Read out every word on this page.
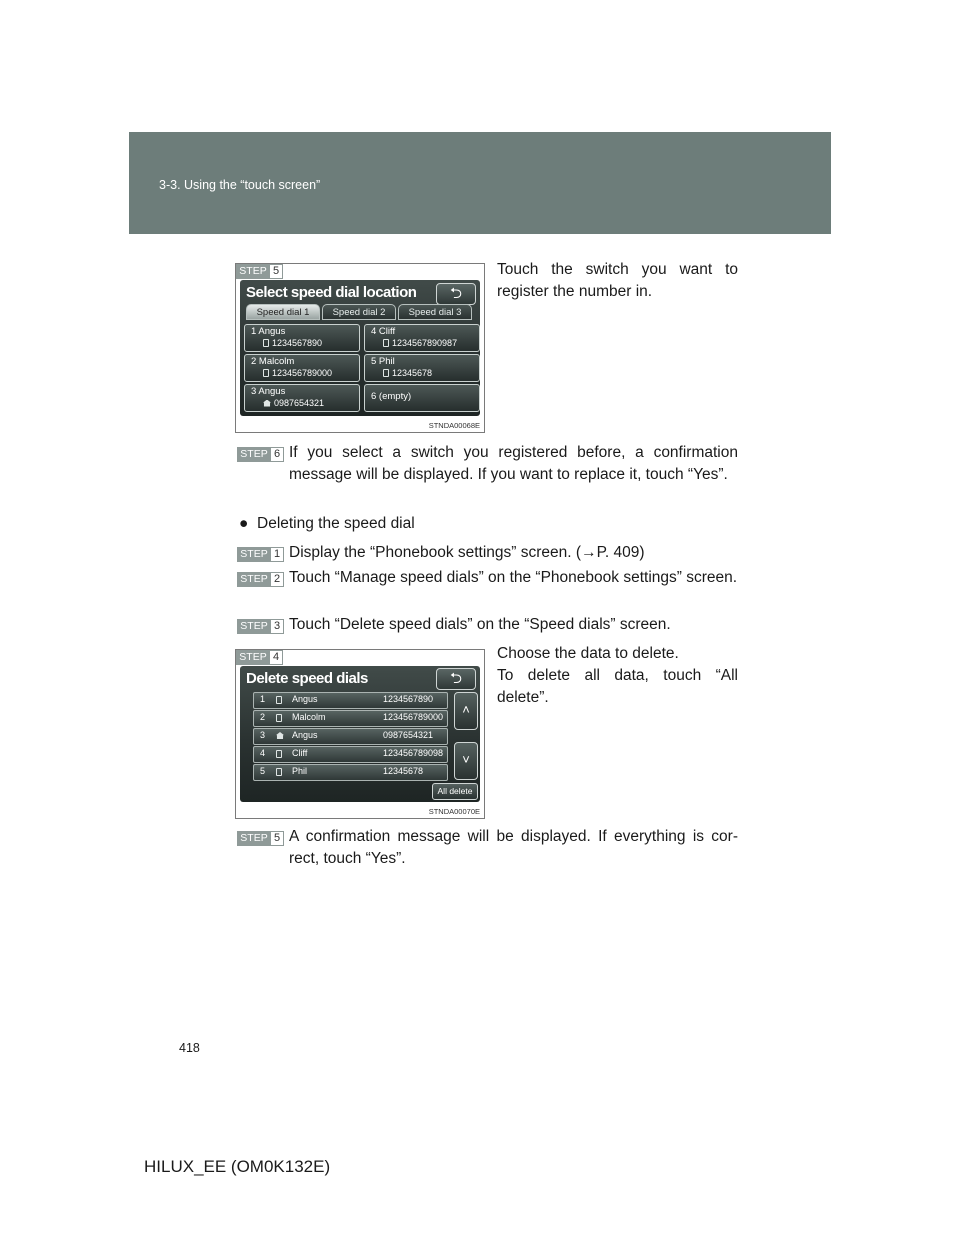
3-3. Using the “touch screen”
STEP 5
Select speed dial location	⮌
Speed dial 1	Speed dial 2	Speed dial 3
1 Angus
1234567890
4 Cliff
1234567890987
2 Malcolm
123456789000
5 Phil
12345678
3 Angus
0987654321
6 (empty)
STNDA00068E
Touch the switch you want to register the number in.
STEP 6 If you select a switch you registered before, a confirmation message will be displayed. If you want to replace it, touch “Yes”.
● Deleting the speed dial
STEP 1 Display the “Phonebook settings” screen. (→P. 409)
STEP 2 Touch “Manage speed dials” on the “Phonebook settings” screen.
STEP 3 Touch “Delete speed dials” on the “Speed dials” screen.
STEP 4
Delete speed dials	⮌
1	Angus	1234567890
2	Malcolm	123456789000
3	Angus	0987654321
4	Cliff	123456789098
5	Phil	12345678
˄

˅
All delete
STNDA00070E
Choose the data to delete.
To delete all data, touch “All delete”.
STEP 5 A confirmation message will be displayed. If everything is cor-rect, touch “Yes”.
418
HILUX_EE (OM0K132E)
